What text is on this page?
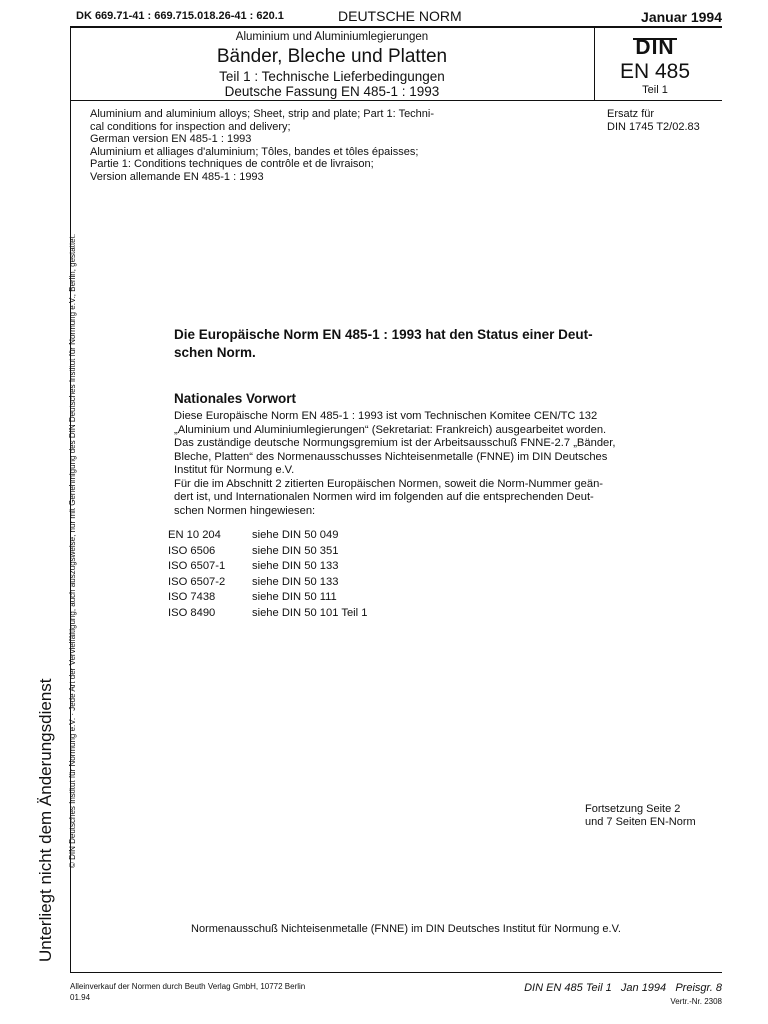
DK 669.71-41 : 669.715.018.26-41 : 620.1	DEUTSCHE NORM	Januar 1994
Aluminium und Aluminiumlegierungen
Bänder, Bleche und Platten
Teil 1 : Technische Lieferbedingungen
Deutsche Fassung EN 485-1 : 1993
DIN
EN 485
Teil 1

Aluminium and aluminium alloys; Sheet, strip and plate; Part 1: Techni-

cal conditions for inspection and delivery;

German version EN 485-1 : 1993

Aluminium et alliages d'aluminium; Tôles, bandes et tôles épaisses;

Partie 1: Conditions techniques de contrôle et de livraison;

Version allemande EN 485-1 : 1993

Ersatz für
DIN 1745 T2/02.83
© DIN Deutsches Institut für Normung e.V. · Jede Art der Vervielfältigung, auch auszugsweise, nur mit Genehmigung des DIN Deutsches Institut für Normung e.V., Berlin, gestattet.
Unterliegt nicht dem Änderungsdienst
Die Europäische Norm EN 485-1 : 1993 hat den Status einer Deut-
schen Norm.
Nationales Vorwort

Diese Europäische Norm EN 485-1 : 1993 ist vom Technischen Komitee CEN/TC 132

„Aluminium und Aluminiumlegierungen“ (Sekretariat: Frankreich) ausgearbeitet worden.

Das zuständige deutsche Normungsgremium ist der Arbeitsausschuß FNNE-2.7 „Bänder,

Bleche, Platten“ des Normenausschusses Nichteisenmetalle (FNNE) im DIN Deutsches

Institut für Normung e.V.

Für die im Abschnitt 2 zitierten Europäischen Normen, soweit die Norm-Nummer geän-

dert ist, und Internationalen Normen wird im folgenden auf die entsprechenden Deut-

schen Normen hingewiesen:

EN 10 204	siehe DIN 50 049
ISO 6506	siehe DIN 50 351
ISO 6507-1	siehe DIN 50 133
ISO 6507-2	siehe DIN 50 133
ISO 7438	siehe DIN 50 111
ISO 8490	siehe DIN 50 101 Teil 1
Fortsetzung Seite 2
und 7 Seiten EN-Norm
Normenausschuß Nichteisenmetalle (FNNE) im DIN Deutsches Institut für Normung e.V.
Alleinverkauf der Normen durch Beuth Verlag GmbH, 10772 Berlin
01.94
DIN EN 485 Teil 1   Jan 1994   Preisgr. 8
Vertr.-Nr. 2308
